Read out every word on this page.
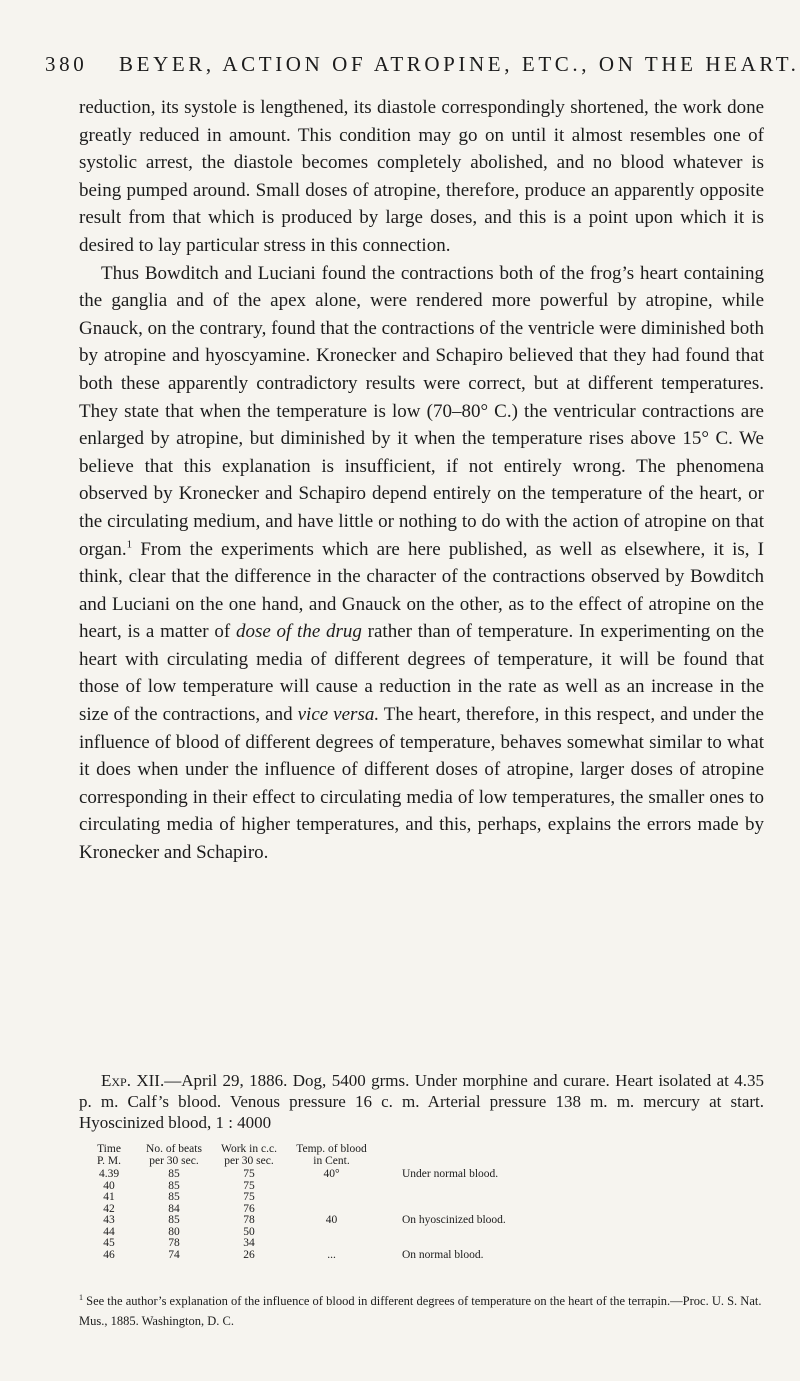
380 BEYER, ACTION OF ATROPINE, ETC., ON THE HEART.

reduction, its systole is lengthened, its diastole correspondingly shortened, the work done greatly reduced in amount. This condition may go on until it almost resembles one of systolic arrest, the diastole becomes completely abolished, and no blood whatever is being pumped around. Small doses of atropine, therefore, produce an apparently opposite result from that which is produced by large doses, and this is a point upon which it is desired to lay particular stress in this connection.

Thus Bowditch and Luciani found the contractions both of the frog’s heart containing the ganglia and of the apex alone, were rendered more powerful by atropine, while Gnauck, on the contrary, found that the contractions of the ventricle were diminished both by atropine and hyoscyamine. Kronecker and Schapiro believed that they had found that both these apparently contradictory results were correct, but at different temperatures. They state that when the temperature is low (70–80° C.) the ventricular contractions are enlarged by atropine, but diminished by it when the temperature rises above 15° C. We believe that this explanation is insufficient, if not entirely wrong. The phenomena observed by Kronecker and Schapiro depend entirely on the temperature of the heart, or the circulating medium, and have little or nothing to do with the action of atropine on that organ.$^1$ From the experiments which are here published, as well as elsewhere, it is, I think, clear that the difference in the character of the contractions observed by Bowditch and Luciani on the one hand, and Gnauck on the other, as to the effect of atropine on the heart, is a matter of dose of the drug rather than of temperature. In experimenting on the heart with circulating media of different degrees of temperature, it will be found that those of low temperature will cause a reduction in the rate as well as an increase in the size of the contractions, and vice versa. The heart, therefore, in this respect, and under the influence of blood of different degrees of temperature, behaves somewhat similar to what it does when under the influence of different doses of atropine, larger doses of atropine corresponding in their effect to circulating media of low temperatures, the smaller ones to circulating media of higher temperatures, and this, perhaps, explains the errors made by Kronecker and Schapiro.

Exp. XII.—April 29, 1886. Dog, 5400 grms. Under morphine and curare. Heart isolated at 4.35 p. m. Calf’s blood. Venous pressure 16 c. m. Arterial pressure 138 m. m. mercury at start. Hyoscinized blood, 1 : 4000

Time	No. of beats	Work in c.c.	Temp. of blood	
P. M.	per 30 sec.	per 30 sec.	in Cent.	
4.39	85	75	40°	Under normal blood.
40	85	75		
41	85	75		
42	84	76		
43	85	78	40	On hyoscinized blood.
44	80	50		
45	78	34		
46	74	26	...	On normal blood.
$^1$ See the author’s explanation of the influence of blood in different degrees of temperature on the heart of the terrapin.—Proc. U. S. Nat. Mus., 1885. Washington, D. C.
